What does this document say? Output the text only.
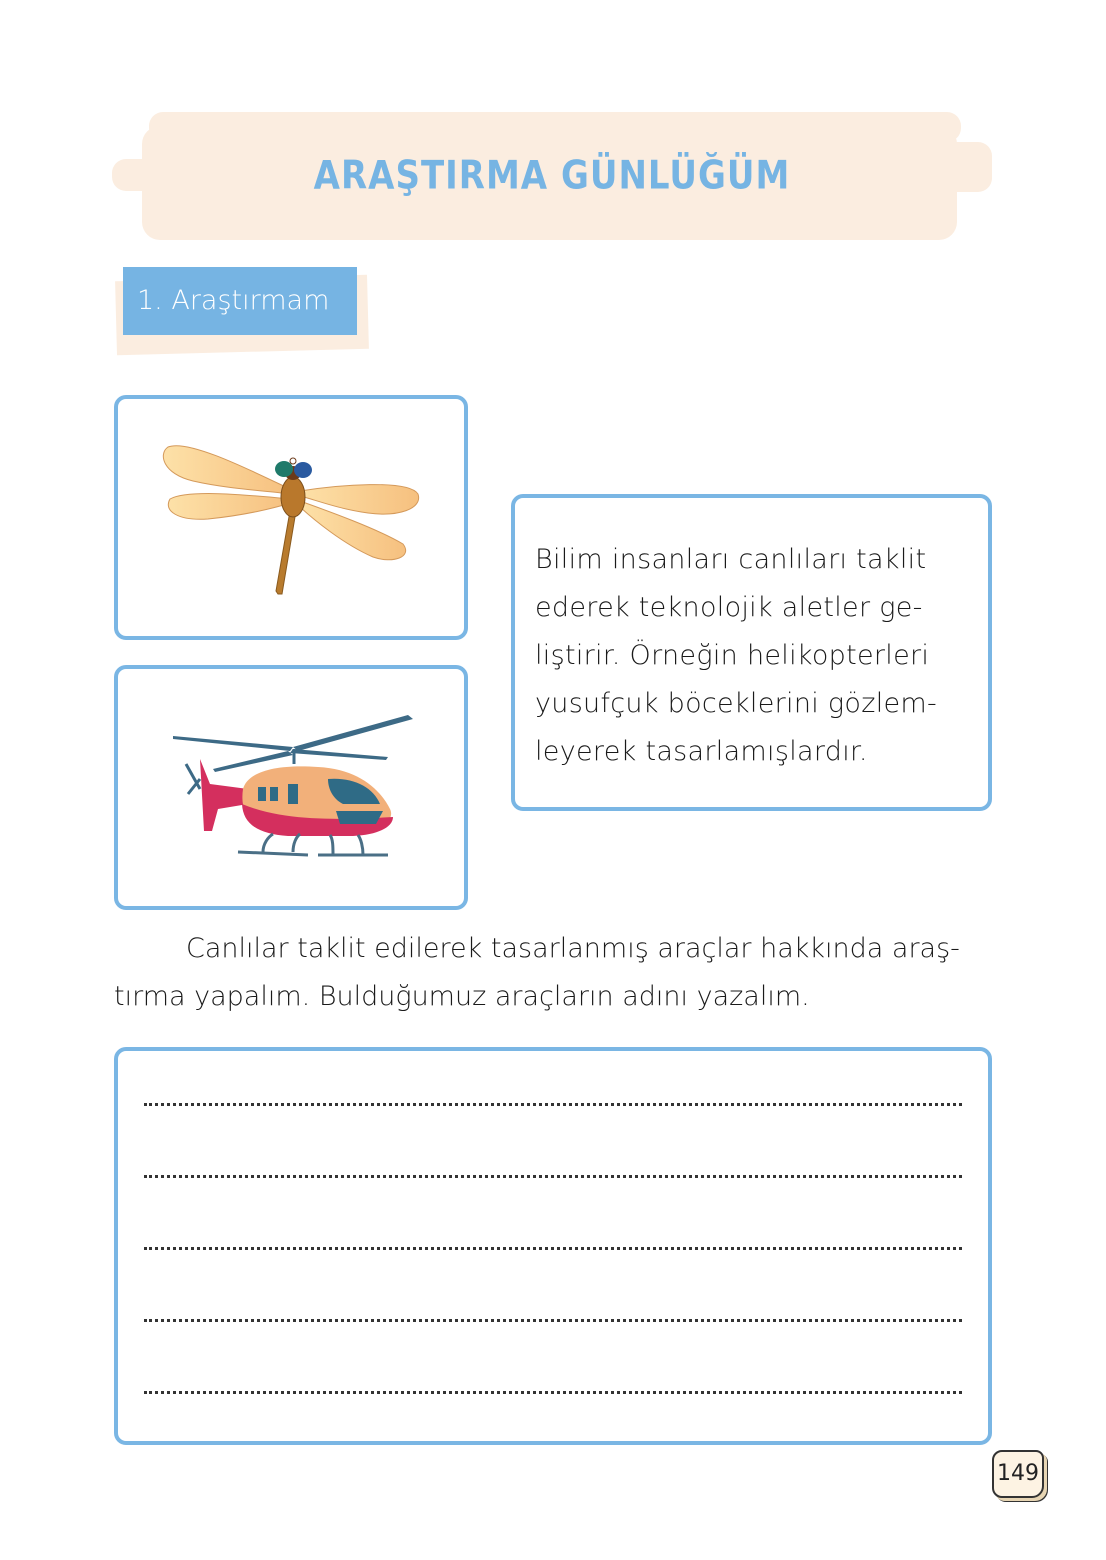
ARAŞTIRMA GÜNLÜĞÜM
1. Araştırmam
Bilim insanları canlıları taklit
ederek teknolojik aletler ge-
liştirir. Örneğin helikopterleri
yusufçuk böceklerini gözlem-
leyerek tasarlamışlardır.
Canlılar taklit edilerek tasarlanmış araçlar hakkında araş-
tırma yapalım. Bulduğumuz araçların adını yazalım.
149
